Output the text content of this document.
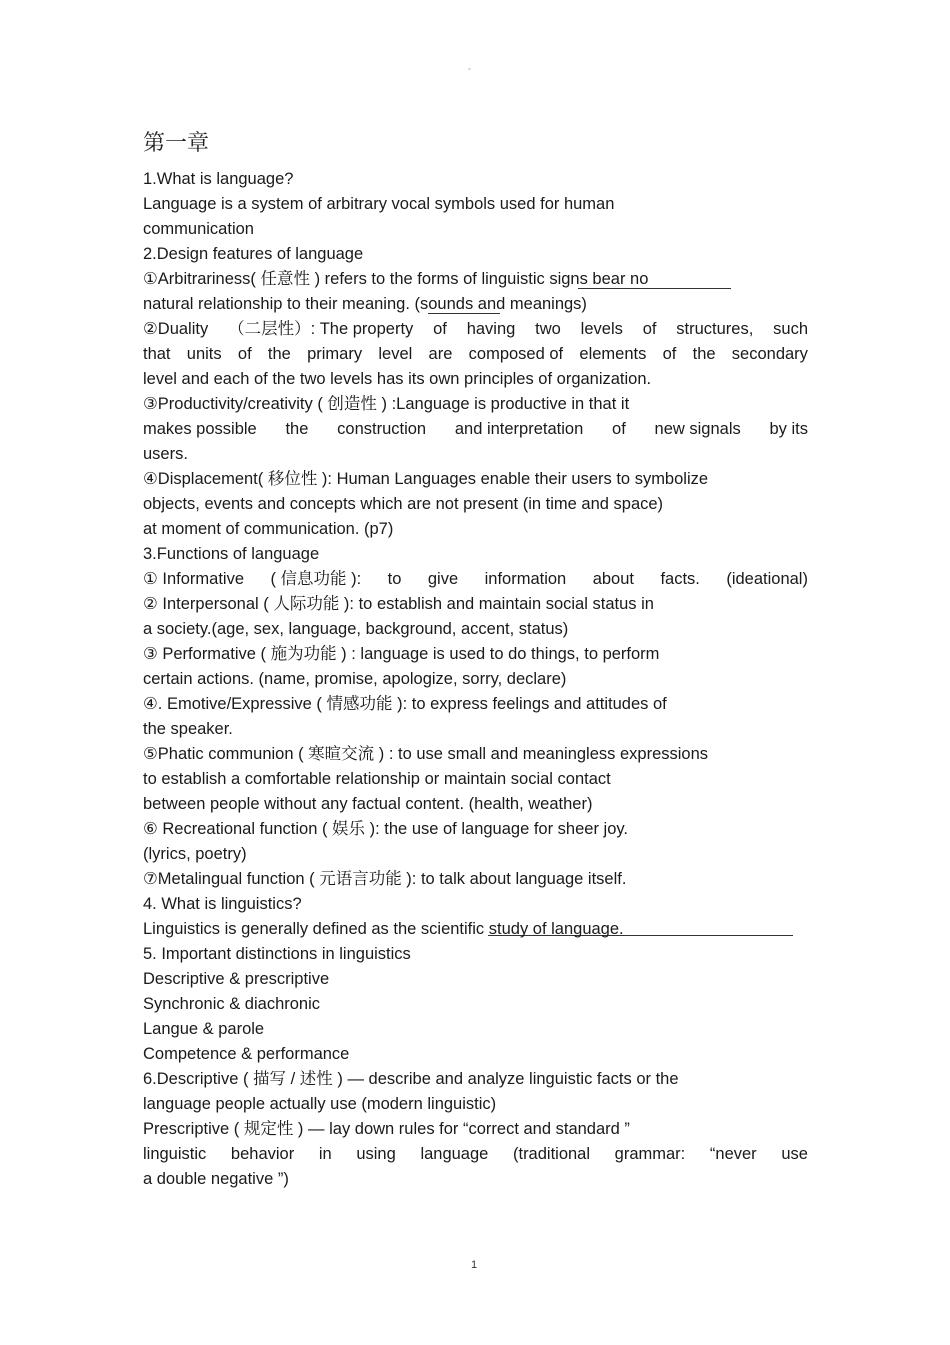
°
第一章
1.What is language?
Language is a system of arbitrary vocal symbols used for human
communication
2.Design features of language
①Arbitrariness( 任意性 ) refers to the forms of linguistic signs bear no
natural relationship to their meaning. (sounds and meanings)
②Duality （二层性）: The property of having two levels of structures, such
that units of the primary level are composed of elements of the secondary
level and each of the two levels has its own principles of organization.
③Productivity/creativity ( 创造性 ) :Language is productive in that it
makes possible the construction and interpretation of new signals by its
users.
④Displacement( 移位性 ): Human Languages enable their users to symbolize
objects, events and concepts which are not present (in time and space)
at moment of communication. (p7)
3.Functions of language
① Informative ( 信息功能 ): to give information about facts. (ideational)
② Interpersonal ( 人际功能 ): to establish and maintain social status in
a society.(age, sex, language, background, accent, status)
③ Performative ( 施为功能 ) : language is used to do things, to perform
certain actions. (name, promise, apologize, sorry, declare)
④. Emotive/Expressive ( 情感功能 ): to express feelings and attitudes of
the speaker.
⑤Phatic communion ( 寒暄交流 ) : to use small and meaningless expressions
to establish a comfortable relationship or maintain social contact
between people without any factual content. (health, weather)
⑥ Recreational function ( 娱乐 ): the use of language for sheer joy.
(lyrics, poetry)
⑦Metalingual function ( 元语言功能 ): to talk about language itself.
4. What is linguistics?
Linguistics is generally defined as the scientific study of language.
5. Important distinctions in linguistics
Descriptive & prescriptive
Synchronic & diachronic
Langue & parole
Competence & performance
6.Descriptive ( 描写 / 述性 ) — describe and analyze linguistic facts or the
language people actually use (modern linguistic)
Prescriptive ( 规定性 ) — lay down rules for “correct and standard ”
linguistic behavior in using language (traditional grammar: “never use
a double negative ”)
1
